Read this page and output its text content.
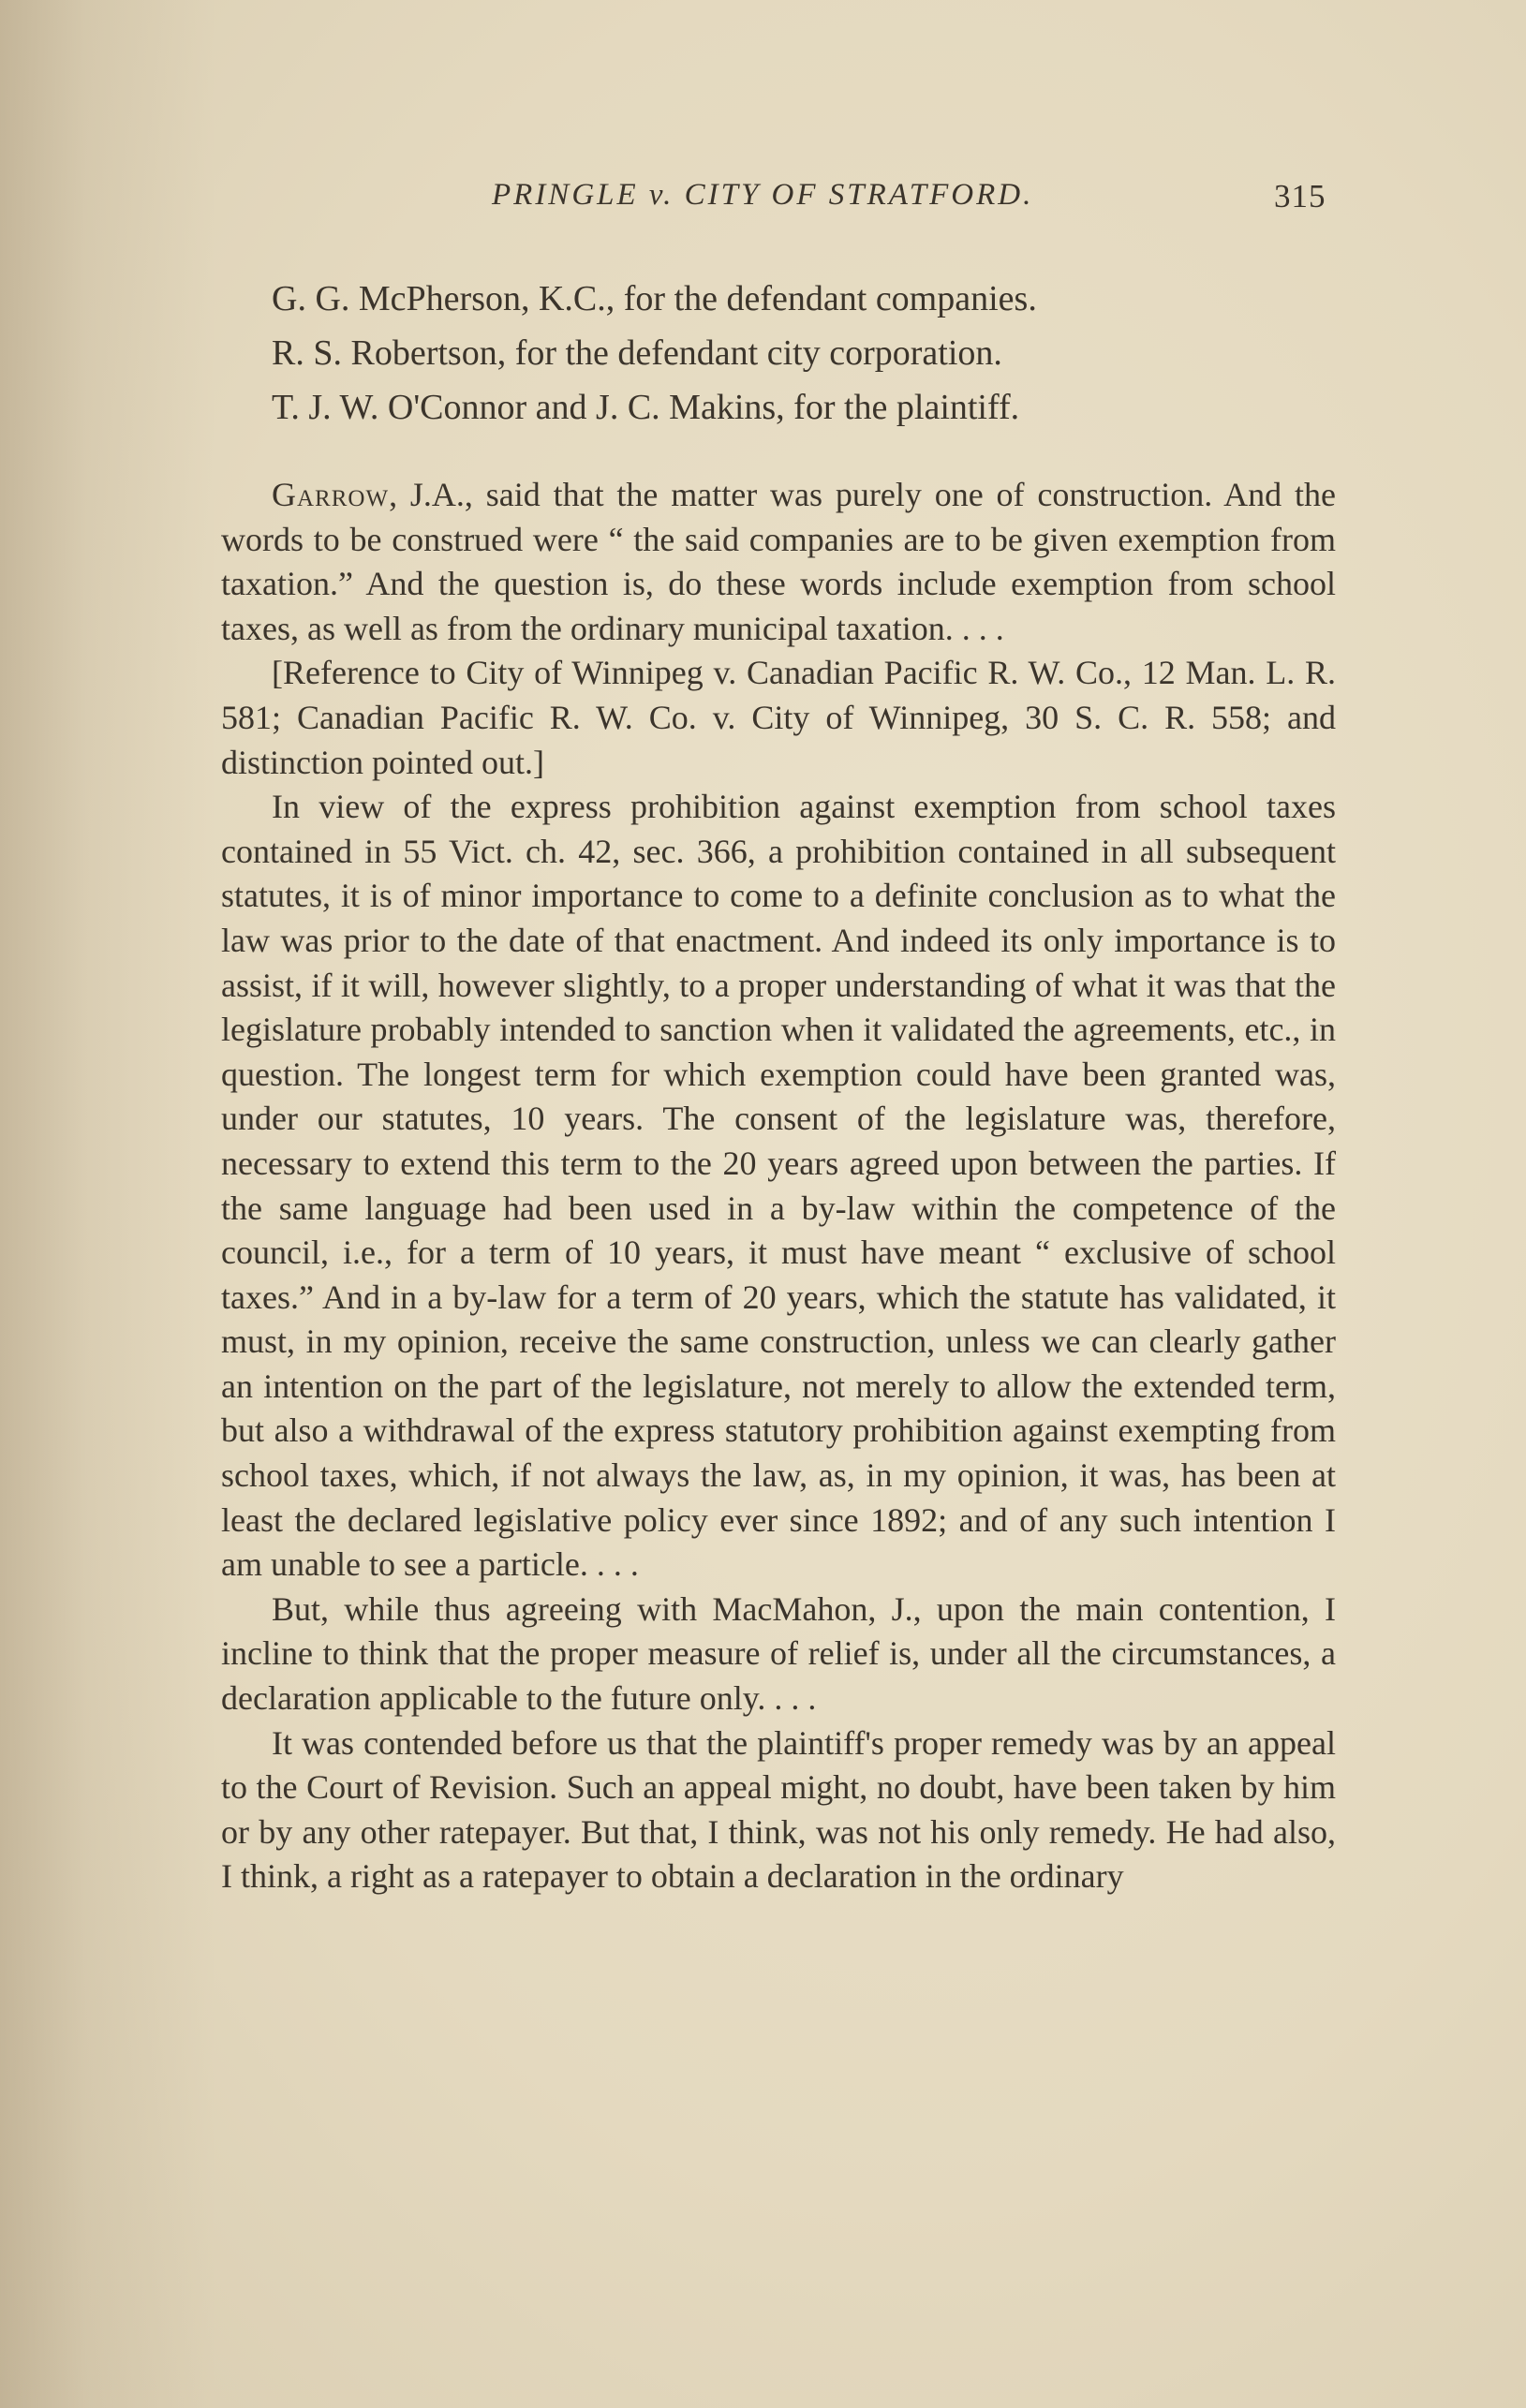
PRINGLE v. CITY OF STRATFORD.	315
G. G. McPherson, K.C., for the defendant companies.
R. S. Robertson, for the defendant city corporation.
T. J. W. O'Connor and J. C. Makins, for the plaintiff.

Garrow, J.A., said that the matter was purely one of construction. And the words to be construed were “ the said companies are to be given exemption from taxation.” And the question is, do these words include exemption from school taxes, as well as from the ordinary municipal taxation. . . .

[Reference to City of Winnipeg v. Canadian Pacific R. W. Co., 12 Man. L. R. 581; Canadian Pacific R. W. Co. v. City of Winnipeg, 30 S. C. R. 558; and distinction pointed out.]

In view of the express prohibition against exemption from school taxes contained in 55 Vict. ch. 42, sec. 366, a prohibition contained in all subsequent statutes, it is of minor importance to come to a definite conclusion as to what the law was prior to the date of that enactment. And indeed its only importance is to assist, if it will, however slightly, to a proper understanding of what it was that the legislature probably intended to sanction when it validated the agreements, etc., in question. The longest term for which exemption could have been granted was, under our statutes, 10 years. The consent of the legislature was, therefore, necessary to extend this term to the 20 years agreed upon between the parties. If the same language had been used in a by-law within the competence of the council, i.e., for a term of 10 years, it must have meant “ exclusive of school taxes.” And in a by-law for a term of 20 years, which the statute has validated, it must, in my opinion, receive the same construction, unless we can clearly gather an intention on the part of the legislature, not merely to allow the extended term, but also a withdrawal of the express statutory prohibition against exempting from school taxes, which, if not always the law, as, in my opinion, it was, has been at least the declared legislative policy ever since 1892; and of any such intention I am unable to see a particle. . . .

But, while thus agreeing with MacMahon, J., upon the main contention, I incline to think that the proper measure of relief is, under all the circumstances, a declaration applicable to the future only. . . .

It was contended before us that the plaintiff's proper remedy was by an appeal to the Court of Revision. Such an appeal might, no doubt, have been taken by him or by any other ratepayer. But that, I think, was not his only remedy. He had also, I think, a right as a ratepayer to obtain a declaration in the ordinary
